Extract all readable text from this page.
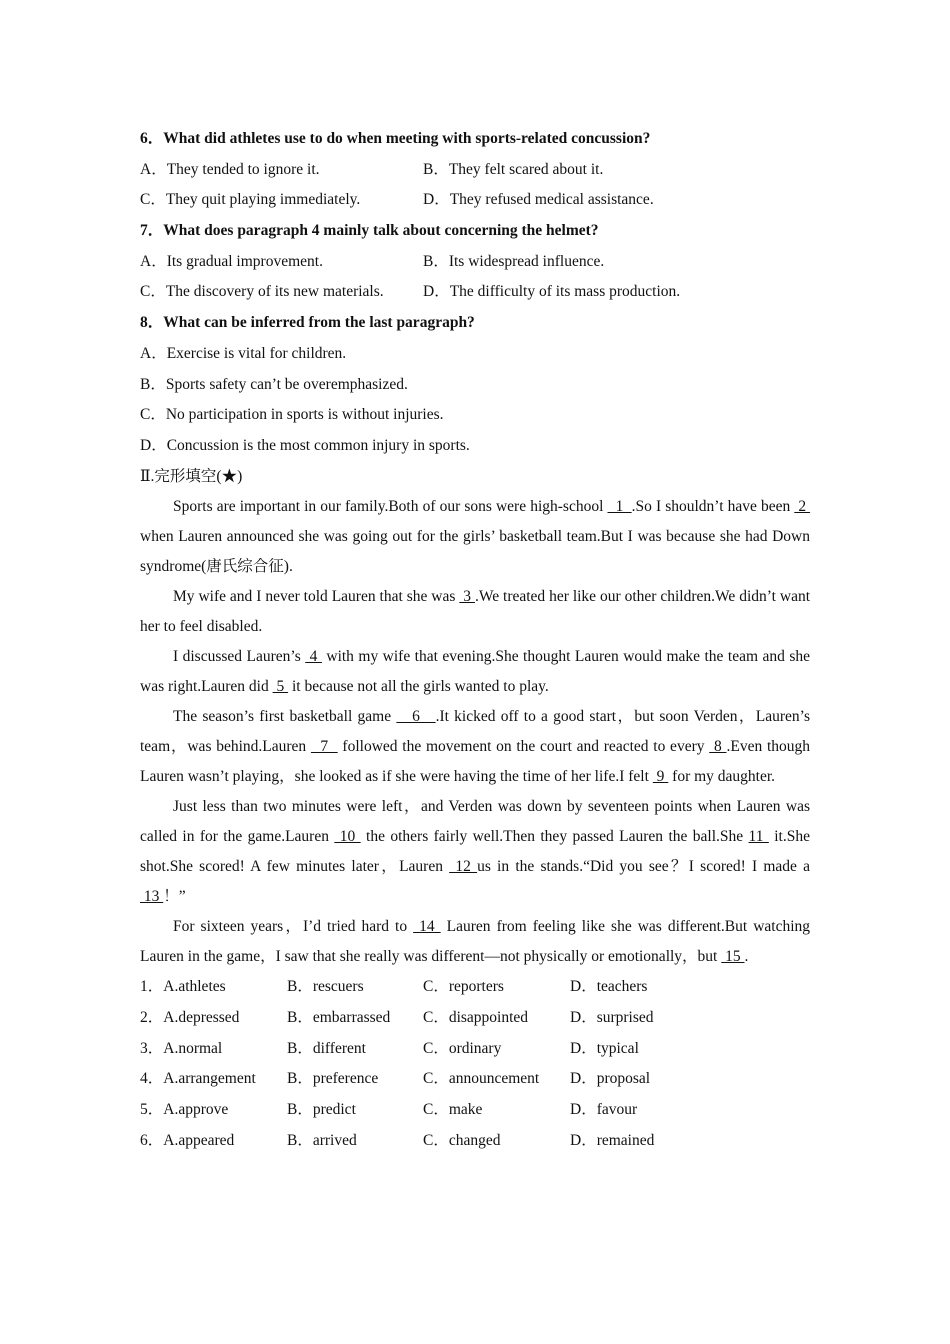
6．What did athletes use to do when meeting with sports-related concussion?
A．They tended to ignore it.	B．They felt scared about it.
C．They quit playing immediately.	D．They refused medical assistance.
7．What does paragraph 4 mainly talk about concerning the helmet?
A．Its gradual improvement.	B．Its widespread influence.
C．The discovery of its new materials.	D．The difficulty of its mass production.
8．What can be inferred from the last paragraph?
A．Exercise is vital for children.
B．Sports safety can’t be overemphasized.
C．No participation in sports is without injuries.
D．Concussion is the most common injury in sports.
Ⅱ.完形填空(★)

Sports are important in our family.Both of our sons were high-school   1  .So I shouldn’t have been  2  when Lauren announced she was going out for the girls’ basketball team.But I was because she had Down syndrome(唐氏综合征).

My wife and I never told Lauren that she was  3 .We treated her like our other children.We didn’t want her to feel disabled.

I discussed Lauren’s  4  with my wife that evening.She thought Lauren would make the team and she was right.Lauren did  5  it because not all the girls wanted to play.

The season’s first basketball game    6   .It kicked off to a good start，but soon Verden，Lauren’s team，was behind.Lauren   7   followed the movement on the court and reacted to every  8 .Even though Lauren wasn’t playing，she looked as if she were having the time of her life.I felt  9  for my daughter.

Just less than two minutes were left，and Verden was down by seventeen points when Lauren was called in for the game.Lauren  10  the others fairly well.Then they passed Lauren the ball.She 11  it.She shot.She scored! A few minutes later，Lauren  12 us in the stands.“Did you see？I scored! I made a  13 ！”

For sixteen years，I’d tried hard to  14  Lauren from feeling like she was different.But watching Lauren in the game，I saw that she really was different—not physically or emotionally，but  15 .

1．A.athletes	B．rescuers	C．reporters	D．teachers
2．A.depressed	B．embarrassed C．disappointed	D．surprised
3．A.normal	B．different	C．ordinary	D．typical
4．A.arrangement B．preference	C．announcement D．proposal
5．A.approve	B．predict	C．make	D．favour
6．A.appeared	B．arrived	C．changed	D．remained
